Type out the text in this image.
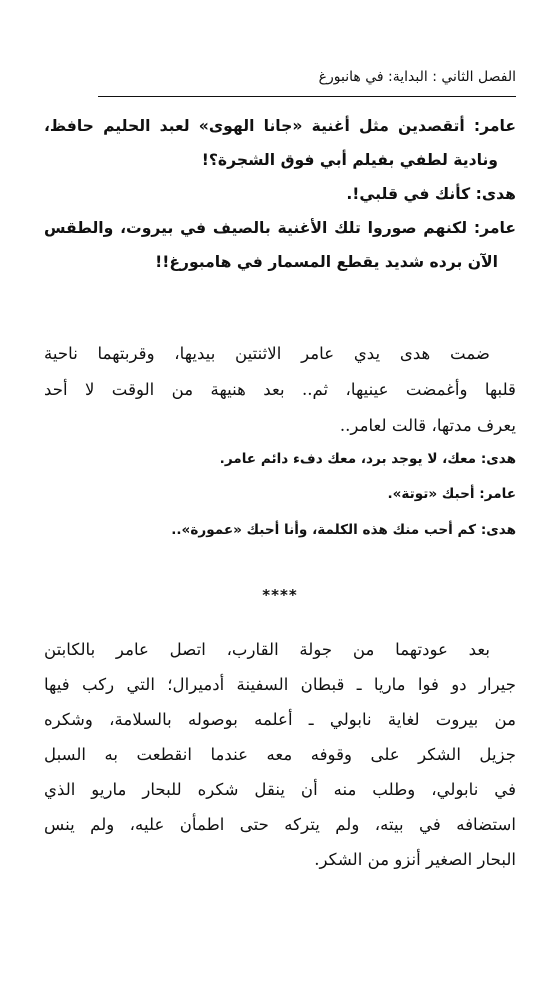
الفصل الثاني : البداية: في هانبورغ
عامر: أتقصدين مثل أغنية «جانا الهوى» لعبد الحليم حافظ،
ونادية لطفي بفيلم أبي فوق الشجرة؟!
هدى: كأنك في قلبي!.
عامر: لكنهم صوروا تلك الأغنية بالصيف في بيروت، والطقس
الآن برده شديد يقطع المسمار في هامبورغ!!
ضمت هدى يدي عامر الاثنتين بيديها، وقربتهما ناحية
قلبها وأغمضت عينيها، ثم.. بعد هنيهة من الوقت لا أحد
يعرف مدتها، قالت لعامر..
هدى: معك، لا يوجد برد، معك دفء دائم عامر.
عامر: أحبك «توتة».
هدى: كم أحب منك هذه الكلمة، وأنا أحبك «عمورة»..
****
بعد عودتهما من جولة القارب، اتصل عامر بالكابتن
جيرار دو فوا ماريا ـ قبطان السفينة أدميرال؛ التي ركب فيها
من بيروت لغاية نابولي ـ أعلمه بوصوله بالسلامة، وشكره
جزيل الشكر على وقوفه معه عندما انقطعت به السبل
في نابولي، وطلب منه أن ينقل شكره للبحار ماريو الذي
استضافه في بيته، ولم يتركه حتى اطمأن عليه، ولم ينس
البحار الصغير أنزو من الشكر.
